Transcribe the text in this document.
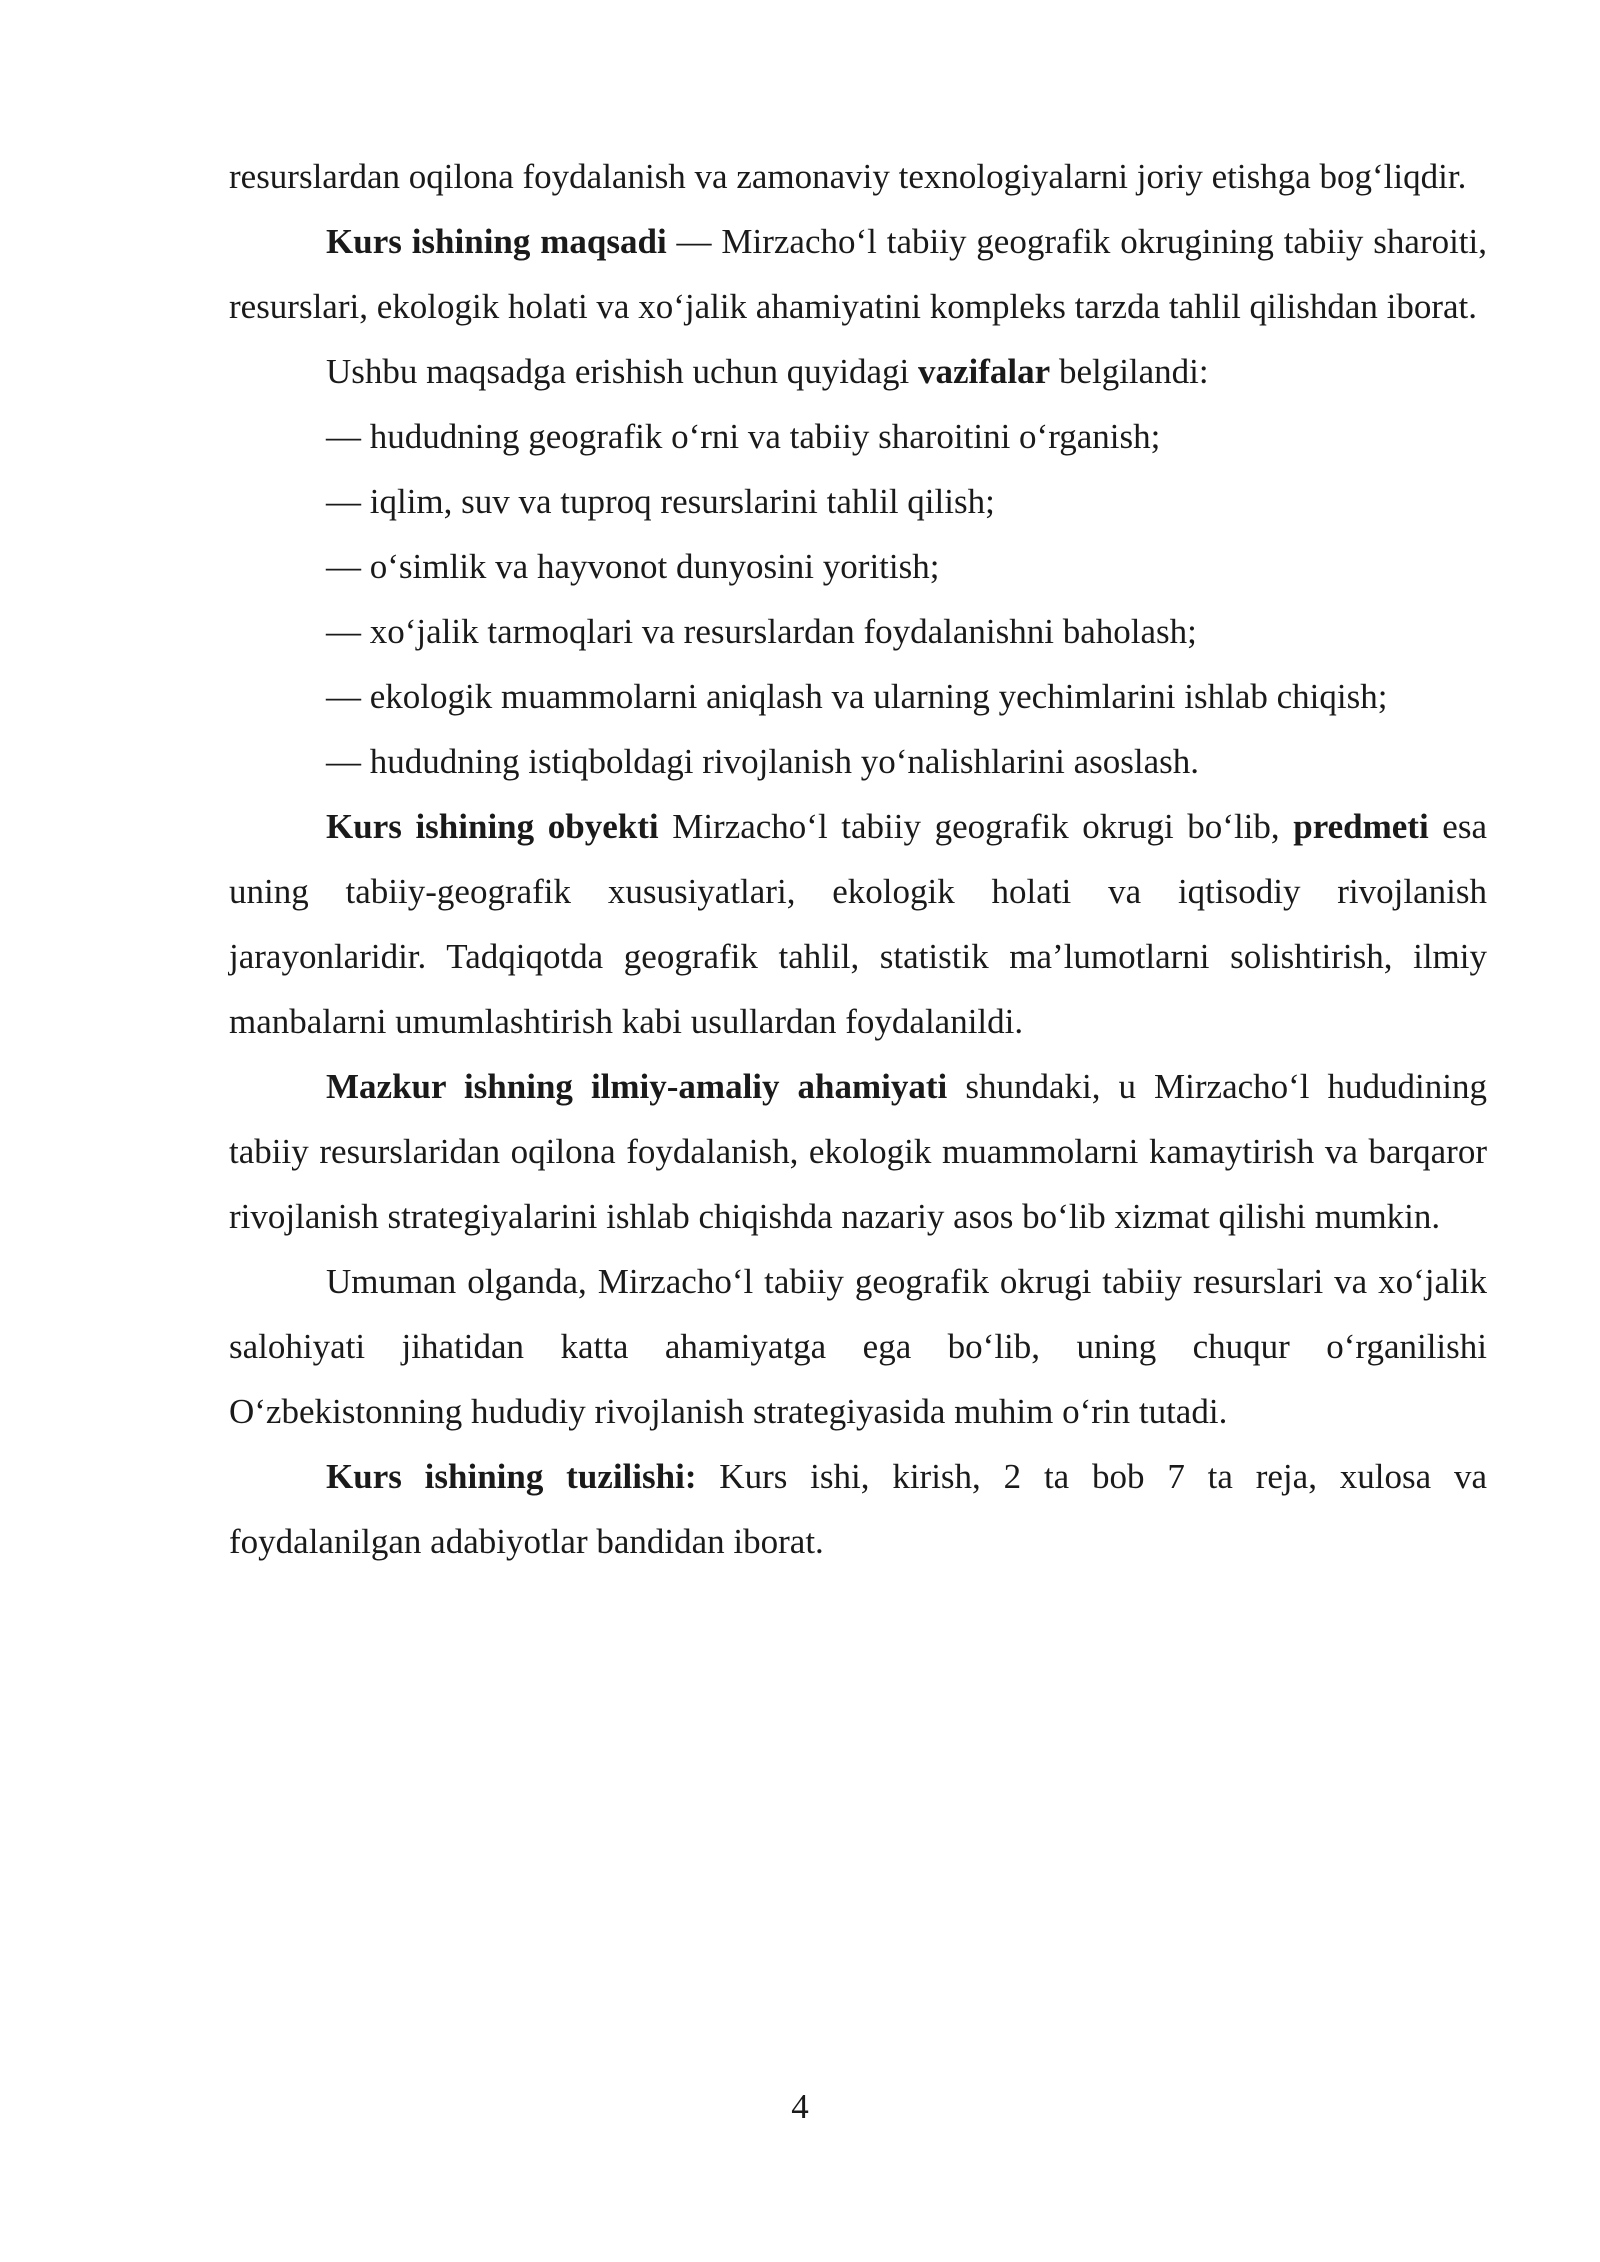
resurslardan oqilona foydalanish va zamonaviy texnologiyalarni joriy etishga bog‘liqdir.

Kurs ishining maqsadi — Mirzacho‘l tabiiy geografik okrugining tabiiy sharoiti, resurslari, ekologik holati va xo‘jalik ahamiyatini kompleks tarzda tahlil qilishdan iborat.

Ushbu maqsadga erishish uchun quyidagi vazifalar belgilandi:

— hududning geografik o‘rni va tabiiy sharoitini o‘rganish;

— iqlim, suv va tuproq resurslarini tahlil qilish;

— o‘simlik va hayvonot dunyosini yoritish;

— xo‘jalik tarmoqlari va resurslardan foydalanishni baholash;

— ekologik muammolarni aniqlash va ularning yechimlarini ishlab chiqish;

— hududning istiqboldagi rivojlanish yo‘nalishlarini asoslash.

Kurs ishining obyekti Mirzacho‘l tabiiy geografik okrugi bo‘lib, predmeti esa uning tabiiy-geografik xususiyatlari, ekologik holati va iqtisodiy rivojlanish jarayonlaridir. Tadqiqotda geografik tahlil, statistik ma’lumotlarni solishtirish, ilmiy manbalarni umumlashtirish kabi usullardan foydalanildi.

Mazkur ishning ilmiy-amaliy ahamiyati shundaki, u Mirzacho‘l hududining tabiiy resurslaridan oqilona foydalanish, ekologik muammolarni kamaytirish va barqaror rivojlanish strategiyalarini ishlab chiqishda nazariy asos bo‘lib xizmat qilishi mumkin.

Umuman olganda, Mirzacho‘l tabiiy geografik okrugi tabiiy resurslari va xo‘jalik salohiyati jihatidan katta ahamiyatga ega bo‘lib, uning chuqur o‘rganilishi O‘zbekistonning hududiy rivojlanish strategiyasida muhim o‘rin tutadi.

Kurs ishining tuzilishi: Kurs ishi, kirish, 2 ta bob 7 ta reja, xulosa va foydalanilgan adabiyotlar bandidan iborat.

4
